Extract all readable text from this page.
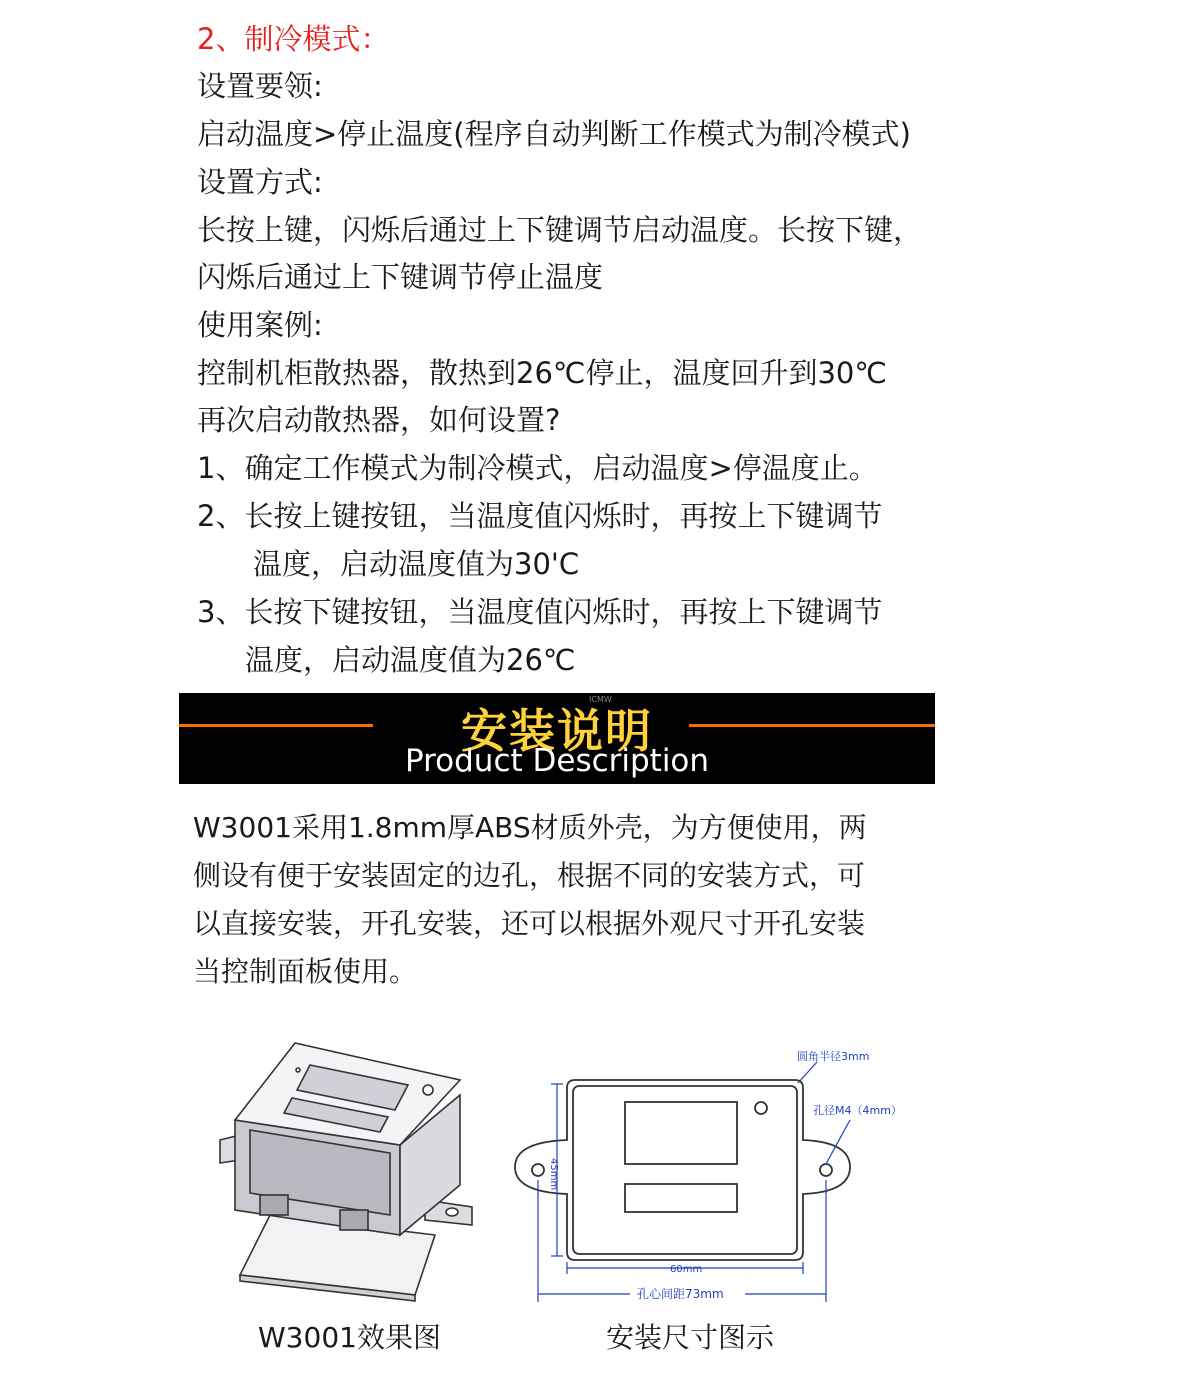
2、制冷模式：
设置要领:
启动温度>停止温度(程序自动判断工作模式为制冷模式)
设置方式:
长按上键，闪烁后通过上下键调节启动温度。长按下键，
闪烁后通过上下键调节停止温度
使用案例:
控制机柜散热器，散热到26℃停止，温度回升到30℃
再次启动散热器，如何设置?
1、确定工作模式为制冷模式，启动温度>停温度止。
2、长按上键按钮，当温度值闪烁时，再按上下键调节
温度，启动温度值为30'C
3、长按下键按钮，当温度值闪烁时，再按上下键调节
温度，启动温度值为26℃
安装说明
ICMW
Product Description
W3001采用1.8mm厚ABS材质外壳，为方便使用，两
侧设有便于安装固定的边孔，根据不同的安装方式，可
以直接安装，开孔安装，还可以根据外观尺寸开孔安装
当控制面板使用。
圆角半径3mm
孔径M4（4mm）
45mm
60mm
孔心间距73mm
W3001效果图	安装尺寸图示
